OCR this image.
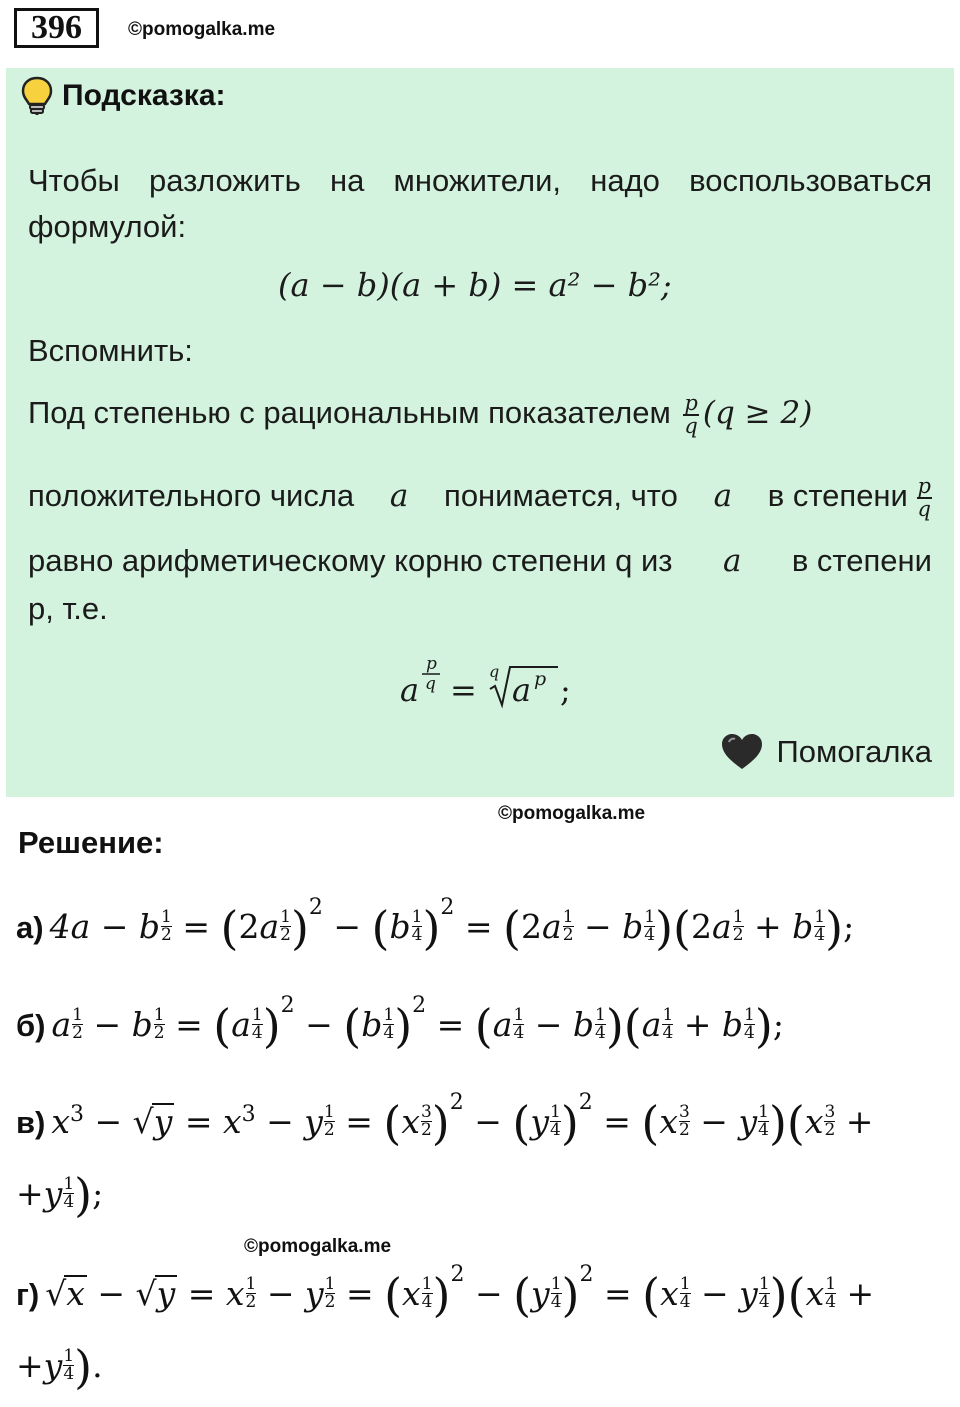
396	©pomogalka.me
Подсказка:
Чтобы разложить на множители, надо воспользоваться формулой:
(a − b)(a + b) = a² − b²;
Вспомнить:
Под степенью с рациональным показателем $\frac{p}{q} (q \ge 2)$
положительного числа a понимается, что a в степени $\frac{p}{q}$
равно арифметическому корню степени q из a в степени
p, т.е.
a
p
q = q a p ;
Помогалка
©pomogalka.me
Решение:
а) 4a − b $^{\frac{1}{2}}$ = (2a $^{\frac{1}{2}}$ )$^2$ − (b $^{\frac{1}{4}}$ )$^2$ = (2a $^{\frac{1}{2}}$ − b $^{\frac{1}{4}}$ )(2a $^{\frac{1}{2}}$ + b $^{\frac{1}{4}}$ );
б) a $^{\frac{1}{2}}$ − b $^{\frac{1}{2}}$ = (a $^{\frac{1}{4}}$ )$^2$ − (b $^{\frac{1}{4}}$ )$^2$ = (a $^{\frac{1}{4}}$ − b $^{\frac{1}{4}}$ )(a $^{\frac{1}{4}}$ + b $^{\frac{1}{4}}$ );
в) $x^3 - √y = x^3 - y$ $^{\frac{1}{2}}$ = (x $^{\frac{3}{2}}$ )$^2$ − (y $^{\frac{1}{4}}$ )$^2$ = (x $^{\frac{3}{2}}$ − y $^{\frac{1}{4}}$ )(x $^{\frac{3}{2}}$ +
+y $^{\frac{1}{4}}$ );
©pomogalka.me
г) √x − √y = x $^{\frac{1}{2}}$ − y $^{\frac{1}{2}}$ = (x $^{\frac{1}{4}}$ )$^2$ − (y $^{\frac{1}{4}}$ )$^2$ = (x $^{\frac{1}{4}}$ − y $^{\frac{1}{4}}$ )(x $^{\frac{1}{4}}$ +
+y $^{\frac{1}{4}}$ ).
